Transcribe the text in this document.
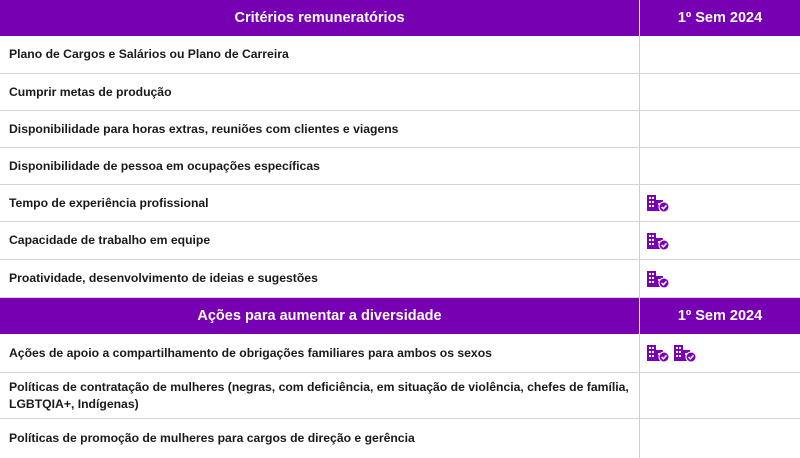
Critérios remuneratórios	1º Sem 2024
Plano de Cargos e Salários ou Plano de Carreira
Cumprir metas de produção
Disponibilidade para horas extras, reuniões com clientes e viagens
Disponibilidade de pessoa em ocupações específicas
Tempo de experiência profissional
Capacidade de trabalho em equipe
Proatividade, desenvolvimento de ideias e sugestões
Ações para aumentar a diversidade	1º Sem 2024
Ações de apoio a compartilhamento de obrigações familiares para ambos os sexos
Políticas de contratação de mulheres (negras, com deficiência, em situação de violência, chefes de família, LGBTQIA+, Indígenas)
Políticas de promoção de mulheres para cargos de direção e gerência
